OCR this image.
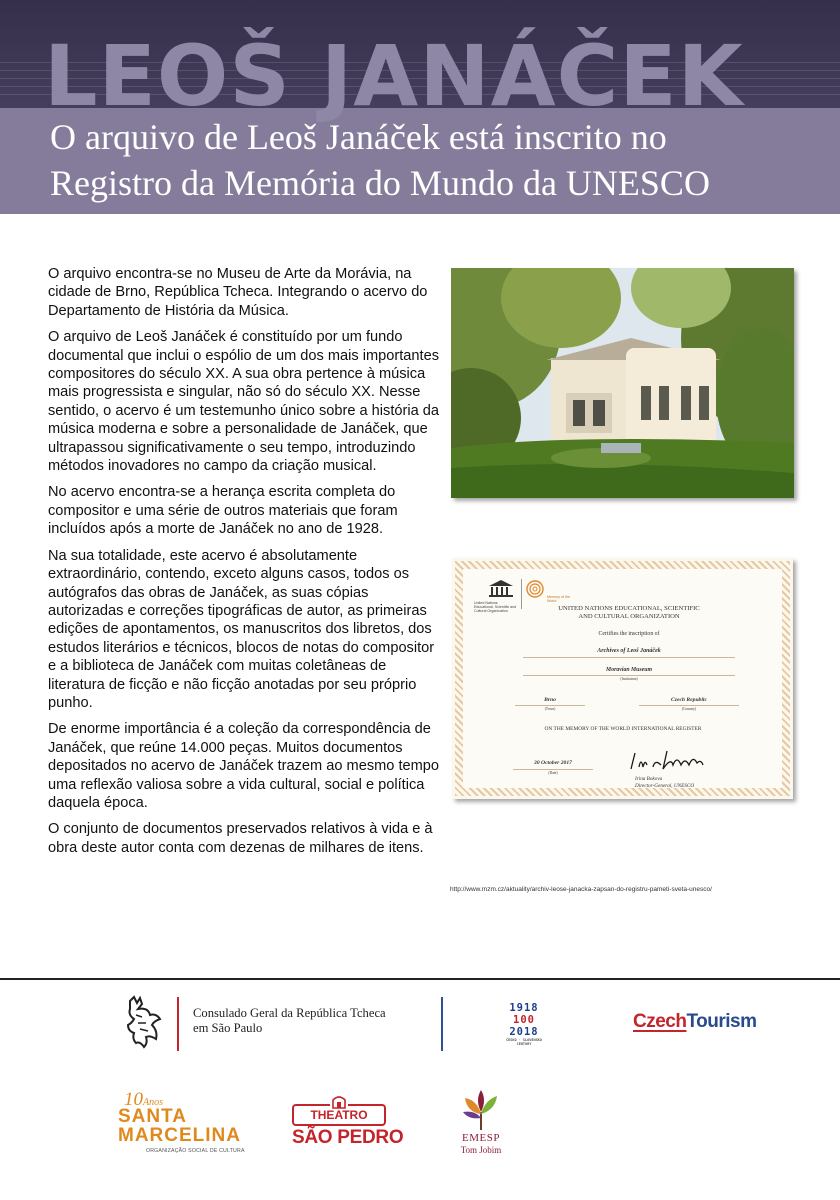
LEOŠ JANÁČEK
O arquivo de Leoš Janáček está inscrito no
Registro da Memória do Mundo da UNESCO

O arquivo encontra-se no Museu de Arte da Morávia, na cidade de Brno, República Tcheca. Integrando o acervo do Departamento de História da Música.

O arquivo de Leoš Janáček é constituído por um fundo documental que inclui o espólio de um dos mais importantes compositores do século XX. A sua obra pertence à música mais progressista e singular, não só do século XX. Nesse sentido, o acervo é um testemunho único sobre a história da música moderna e sobre a personalidade de Janáček, que ultrapassou significativamente o seu tempo, introduzindo métodos inovadores no campo da criação musical.

No acervo encontra-se a herança escrita completa do compositor e uma série de outros materiais que foram incluídos após a morte de Janáček no ano de 1928.

Na sua totalidade, este acervo é absolutamente extraordinário, contendo, exceto alguns casos, todos os autógrafos das obras de Janáček, as suas cópias autorizadas e correções tipográficas de autor, as primeiras edições de apontamentos, os manuscritos dos libretos, dos estudos literários e técnicos, blocos de notas do compositor e a biblioteca de Janáček com muitas coletâneas de literatura de ficção e não ficção anotadas por seu próprio punho.

De enorme importância é a coleção da correspondência de Janáček, que reúne 14.000 peças. Muitos documentos depositados no acervo de Janáček trazem ao mesmo tempo uma reflexão valiosa sobre a vida cultural, social e política daquela época.

O conjunto de documentos preservados relativos à vida e à obra deste autor conta com dezenas de milhares de itens.

United Nations Educational, Scientific and Cultural Organization
Memory of the World
UNITED NATIONS EDUCATIONAL, SCIENTIFIC
AND CULTURAL ORGANIZATION
Certifies the inscription of
Archives of Leoš Janáček
Moravian Museum
(Institution)
Brno
(Town)
Czech Republic
(Country)
ON THE MEMORY OF THE WORLD INTERNATIONAL REGISTER
30 October 2017
(Date)
Irina Bokova
Director-General, UNESCO
http://www.mzm.cz/aktuality/archiv-leose-janacka-zapsan-do-registru-pameti-sveta-unesco/
Consulado Geral da República Tcheca
em São Paulo
1918
100
2018
ČESKO · SLOVENSKO
CENTURY
CzechTourism
10Anos
SANTA
MARCELINA
ORGANIZAÇÃO SOCIAL DE CULTURA
THEATRO
SÃO PEDRO	EMESP
Tom Jobim
